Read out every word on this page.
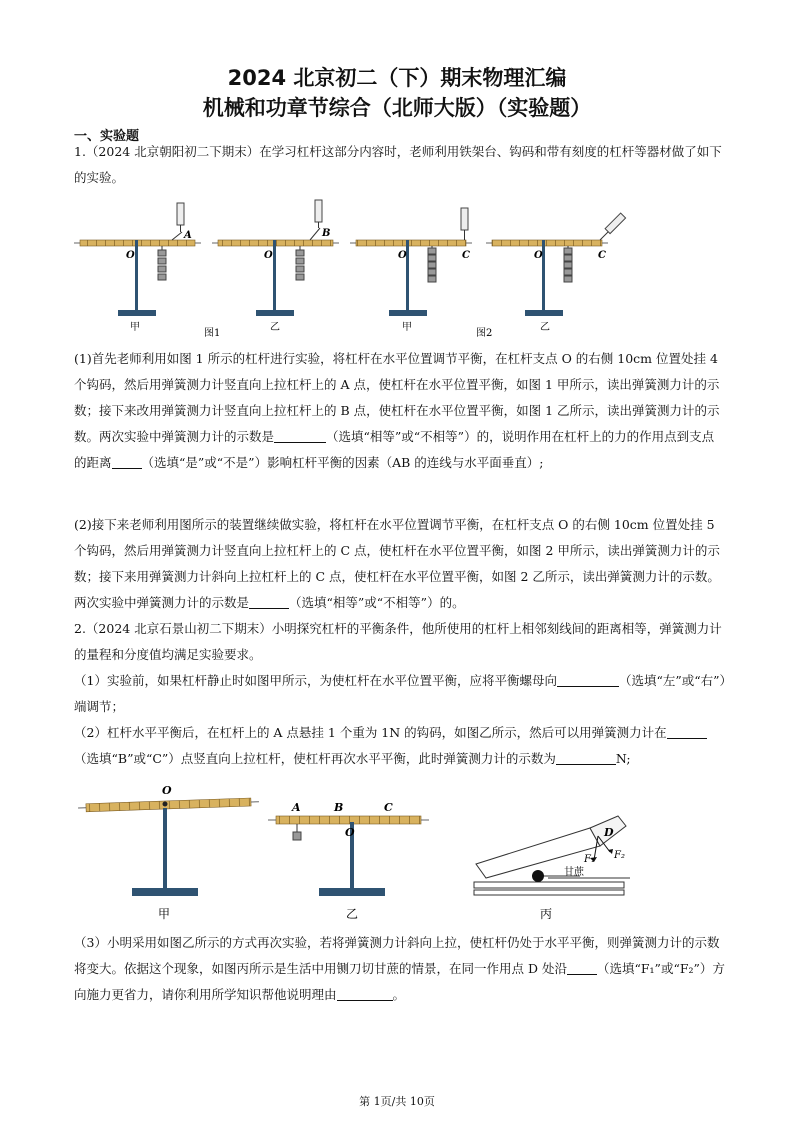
2024 北京初二（下）期末物理汇编
机械和功章节综合（北师大版）（实验题）
一、实验题
1.（2024 北京朝阳初二下期末）在学习杠杆这部分内容时，老师利用铁架台、钩码和带有刻度的杠杆等器材做了如下的实验。
O
A
O
B
O	C	O	C
甲	乙
图1
甲	乙
图2
(1)首先老师利用如图 1 所示的杠杆进行实验，将杠杆在水平位置调节平衡，在杠杆支点 O 的右侧 10cm 位置处挂 4 个钩码，然后用弹簧测力计竖直向上拉杠杆上的 A 点，使杠杆在水平位置平衡，如图 1 甲所示，读出弹簧测力计的示数；接下来改用弹簧测力计竖直向上拉杠杆上的 B 点，使杠杆在水平位置平衡，如图 1 乙所示，读出弹簧测力计的示数。两次实验中弹簧测力计的示数是	（选填“相等”或“不相等”）的，说明作用在杠杆上的力的作用点到支点的距离 （选填“是”或“不是”）影响杠杆平衡的因素（AB 的连线与水平面垂直）;
(2)接下来老师利用图所示的装置继续做实验，将杠杆在水平位置调节平衡，在杠杆支点 O 的右侧 10cm 位置处挂 5 个钩码，然后用弹簧测力计竖直向上拉杠杆上的 C 点，使杠杆在水平位置平衡，如图 2 甲所示，读出弹簧测力计的示数；接下来用弹簧测力计斜向上拉杠杆上的 C 点，使杠杆在水平位置平衡，如图 2 乙所示，读出弹簧测力计的示数。两次实验中弹簧测力计的示数是	（选填“相等”或“不相等”）的。
2.（2024 北京石景山初二下期末）小明探究杠杆的平衡条件，他所使用的杠杆上相邻刻线间的距离相等，弹簧测力计的量程和分度值均满足实验要求。
（1）实验前，如果杠杆静止时如图甲所示，为使杠杆在水平位置平衡，应将平衡螺母向	（选填“左”或“右”）端调节；
（2）杠杆水平平衡后，在杠杆上的 A 点悬挂 1 个重为 1N 的钩码，如图乙所示，然后可以用弹簧测力计在（选填“B”或“C”）点竖直向上拉杠杆，使杠杆再次水平平衡，此时弹簧测力计的示数为	N;
O
A	B	C
O	D
F₁ F₂
甘蔗
甲	乙	丙
（3）小明采用如图乙所示的方式再次实验，若将弹簧测力计斜向上拉，使杠杆仍处于水平平衡，则弹簧测力计的示数将变大。依据这个现象，如图丙所示是生活中用铡刀切甘蔗的情景，在同一作用点 D 处沿 （选填“F₁”或“F₂”）方向施力更省力，请你利用所学知识帮他说明理由	。
第 1页/共 10页
